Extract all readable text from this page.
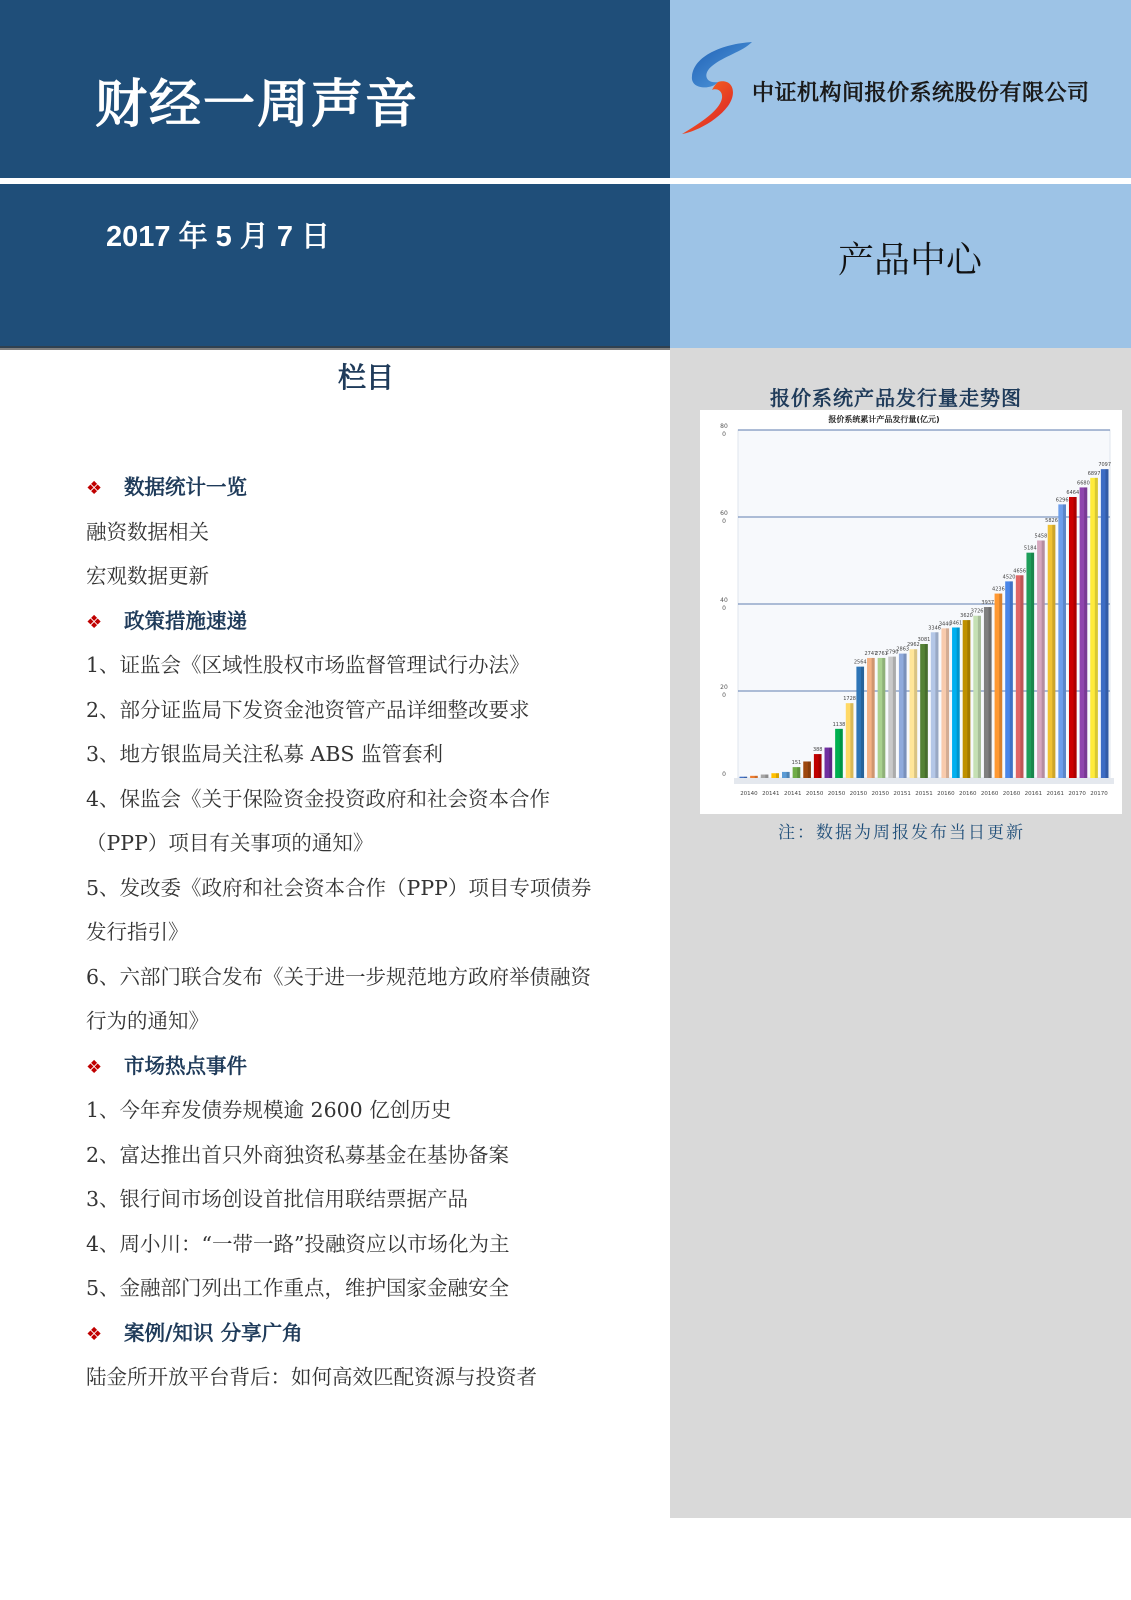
财经一周声音
2017 年 5 月 7 日
中证机构间报价系统股份有限公司
产品中心
栏目
❖ 数据统计一览
融资数据相关
宏观数据更新
❖ 政策措施速递
1、证监会《区域性股权市场监督管理试行办法》
2、部分证监局下发资金池资管产品详细整改要求
3、地方银监局关注私募 ABS 监管套利
4、保监会《关于保险资金投资政府和社会资本合作
（PPP）项目有关事项的通知》
5、发改委《政府和社会资本合作（PPP）项目专项债券
发行指引》
6、六部门联合发布《关于进一步规范地方政府举债融资
行为的通知》
❖ 市场热点事件
1、今年弃发债券规模逾 2600 亿创历史
2、富达推出首只外商独资私募基金在基协备案
3、银行间市场创设首批信用联结票据产品
4、周小川：“一带一路”投融资应以市场化为主
5、金融部门列出工作重点，维护国家金融安全
❖ 案例/知识 分享广角
陆金所开放平台背后：如何高效匹配资源与投资者
报价系统产品发行量走势图
报价系统累计产品发行量(亿元)
0
20
0
40
0
60
0
80
0
151
388
1138
1728
2564
2747
2761
2790
2863
2962
3081
3346
3440
3461
3620
3726
3937
4236
4520
4656
5184
5458
5826
6296
6464
6680
6897
7097
20140 20141 20141 20150 20150 20150 20150 20151 20151 20160 20160 20160 20160 20161 20161 20170 20170
注：数据为周报发布当日更新
